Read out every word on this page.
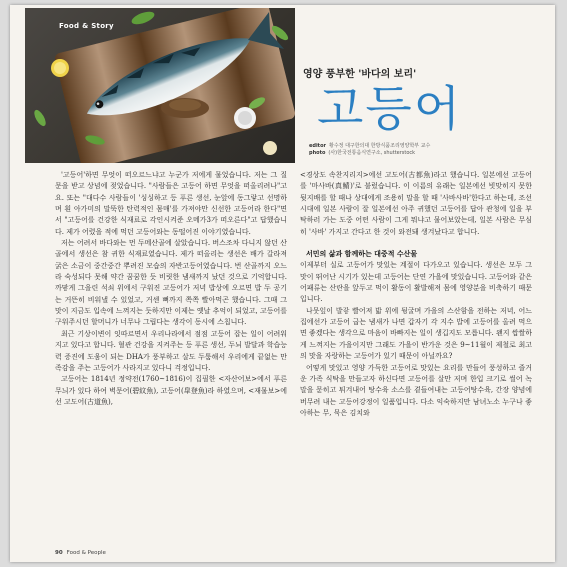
Food & Story
영양 풍부한 '바다의 보리'
고등어
editor 황수정 대구한의대 한방식품조리영양학부 교수
photo (사)한국전통음식연구소, shutterstock

'고등어'하면 무엇이 떠오르느냐고 누군가 저에게 물었습니다. 저는 그 질문을 받고 상념에 젖었습니다. "사람들은 고등어 하면 무엇을 떠올리려나"고요. 또는 "대다수 사람들이 '싱싱하고 등 푸른 생선, 눈앞에 동그랗고 선명하며 흰 아가미의 말뚝한 탄력적인 몸매'를 가져야만 신선한 고등어라 한다"면서 "고등어를 건강한 식재료로 각인시켜준 오메가3가 떠오른다"고 답했습니다. 제가 어렸을 적에 먹던 고등어와는 동떨어진 이야기였습니다.

저는 어려서 바다와는 먼 두메산골에 살았습니다. 버스조차 다니지 않던 산골에서 생선은 참 귀한 식재료였습니다. 제가 떠올리는 생선은 배가 갈라져 굵은 소금이 중간중간 뿌려진 모습의 자반고등어였습니다. 번 산골까지 오느라 숙성되다 못해 약간 꿈꿈한 듯 비릿한 냄새까지 났던 것으로 기억합니다. 까맣게 그을린 석쇠 위에서 구워진 고등어가 저녁 밥상에 오르면 밥 두 공기는 거뜬히 비워낼 수 있었고, 거센 뼈까지 쪽쪽 빨아먹곤 했습니다. 그때 그 맛이 지금도 입속에 느껴지는 듯하지만 이제는 옛날 추억이 되었고, 고등어를 구워주시던 할머니가 너무나 그립다는 생각이 동시에 스칩니다.

최근 기상이변이 잇따르면서 우리나라에서 점점 고등어 잡는 일이 어려워지고 있다고 합니다. 혈관 건강을 지켜주는 등 푸른 생선, 두뇌 발달과 학습능력 증진에 도움이 되는 DHA가 풍부하고 살도 두툼해서 우리에게 끝없는 만족감을 주는 고등어가 사라지고 있다니 걱정입니다.

고등어는 1814년 정약전(1760~1816)이 집필한 <자산어보>에서 푸른 무늬가 있다 하여 벽문어(碧紋魚), 고등어(皐登魚)라 하였으며, <재물보>에선 고도어(古道魚),

<경상도 속찬지리지>에선 고도어(古都魚)라고 했습니다. 일본에선 고등어를 '마사바(真鯖)'로 불렀습니다. 이 이름의 유래는 일본에선 빗맞히지 못한 뒷지배를 할 때나 상대에게 조용히 말을 할 때 '사바사바'한다고 하는데, 조선 시대에 일본 사람이 잘 일본에선 아주 귀했던 고등어를 답아 관청에 일을 부탁하러 가는 도중 어떤 사람이 그게 뭐냐고 물어보았는데, 일본 사람은 무심히 '사바' 가지고 간다고 한 것이 와전돼 생겨났다고 합니다.

서민의 삶과 함께하는 대중적 수산물

이제부터 실로 고등어가 맛있는 계절이 다가오고 있습니다. 생선은 모두 그 맛이 뛰어난 시기가 있는데 고등어는 단연 가을에 맛있습니다. 고등어와 같은 어패류는 산란을 앞두고 먹이 활동이 활발해져 몸에 영양분을 비축하기 때문입니다.

나뭇잎이 발갛 빨어져 밟 위에 뒹굴며 가을의 스산함을 전하는 저녁, 어느 집에선가 고등어 굽는 냄새가 나면 갑자기 각 지수 밥에 고등어를 올려 먹으면 좋겠다는 생각으로 마음이 바빠지는 일이 생깁지도 모릅니다. 왠지 쌉쌀하게 느껴지는 가을이지만 그래도 가을이 반가운 것은 9~11월이 제철로 최고의 맛을 자랑하는 고등어가 있기 때문이 아닐까요?

어떻게 맛있고 영양 가득한 고등어로 맛있는 요리를 만들어 풍성하고 즐거운 가족 식탁을 만들고자 하신다면 고등어를 살만 저며 한입 크기로 썰어 녹말을 묻히고 튀겨내어 탕수육 소스를 곁들여내는 고등어탕수육, 간장 양념에 버무려 내는 고등어강정이 일품입니다. 다소 익숙하지만 남녀노소 누구나 좋아하는 무, 묵은 김치와

90 Food & People
